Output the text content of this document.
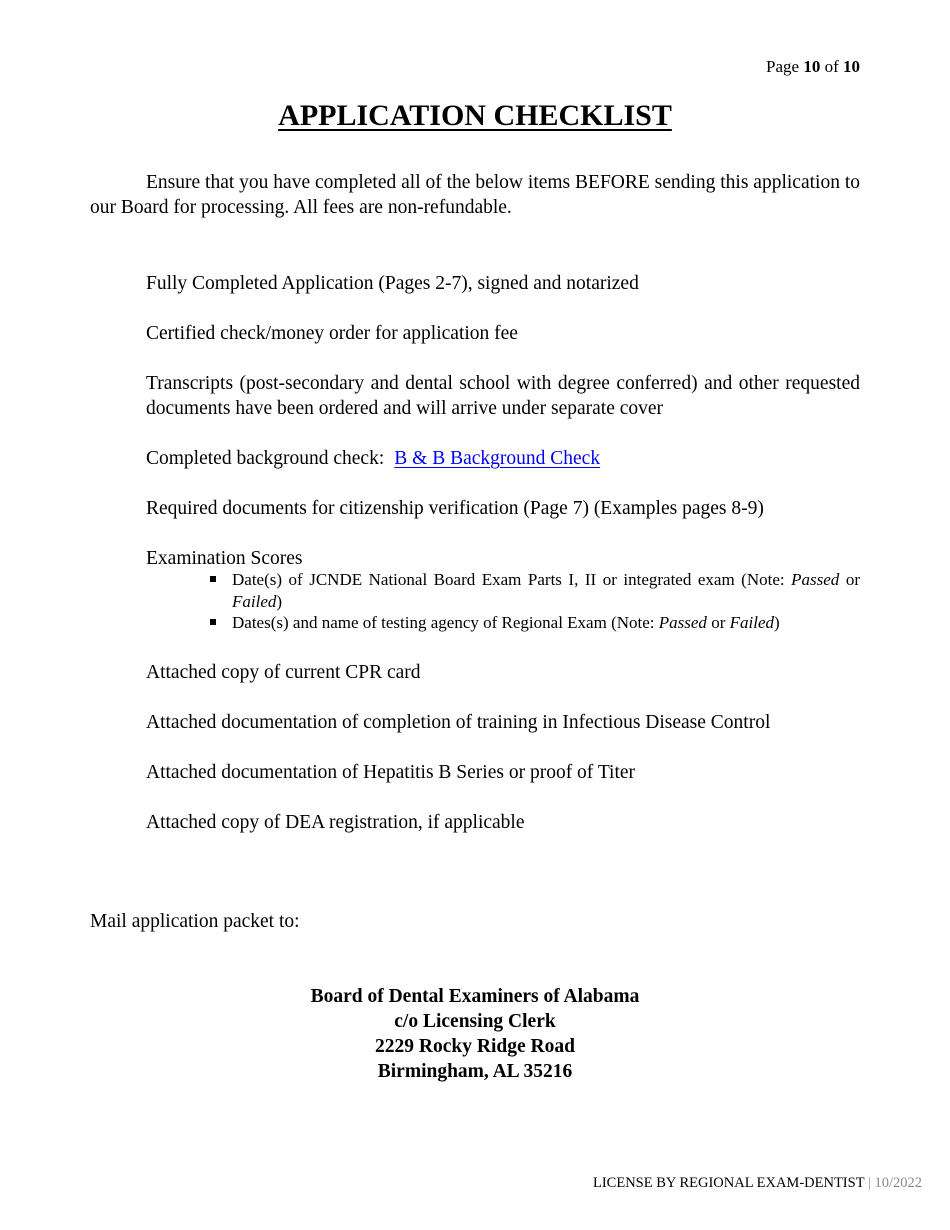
Page 10 of 10
APPLICATION CHECKLIST

Ensure that you have completed all of the below items BEFORE sending this application to our Board for processing. All fees are non-refundable.

Fully Completed Application (Pages 2-7), signed and notarized

Certified check/money order for application fee

Transcripts (post-secondary and dental school with degree conferred) and other requested documents have been ordered and will arrive under separate cover

Completed background check: B & B Background Check

Required documents for citizenship verification (Page 7) (Examples pages 8-9)

Examination Scores

Date(s) of JCNDE National Board Exam Parts I, II or integrated exam (Note: Passed or Failed)
Dates(s) and name of testing agency of Regional Exam (Note: Passed or Failed)

Attached copy of current CPR card

Attached documentation of completion of training in Infectious Disease Control

Attached documentation of Hepatitis B Series or proof of Titer

Attached copy of DEA registration, if applicable

Mail application packet to:

Board of Dental Examiners of Alabama
c/o Licensing Clerk
2229 Rocky Ridge Road
Birmingham, AL 35216
LICENSE BY REGIONAL EXAM-DENTIST | 10/2022
